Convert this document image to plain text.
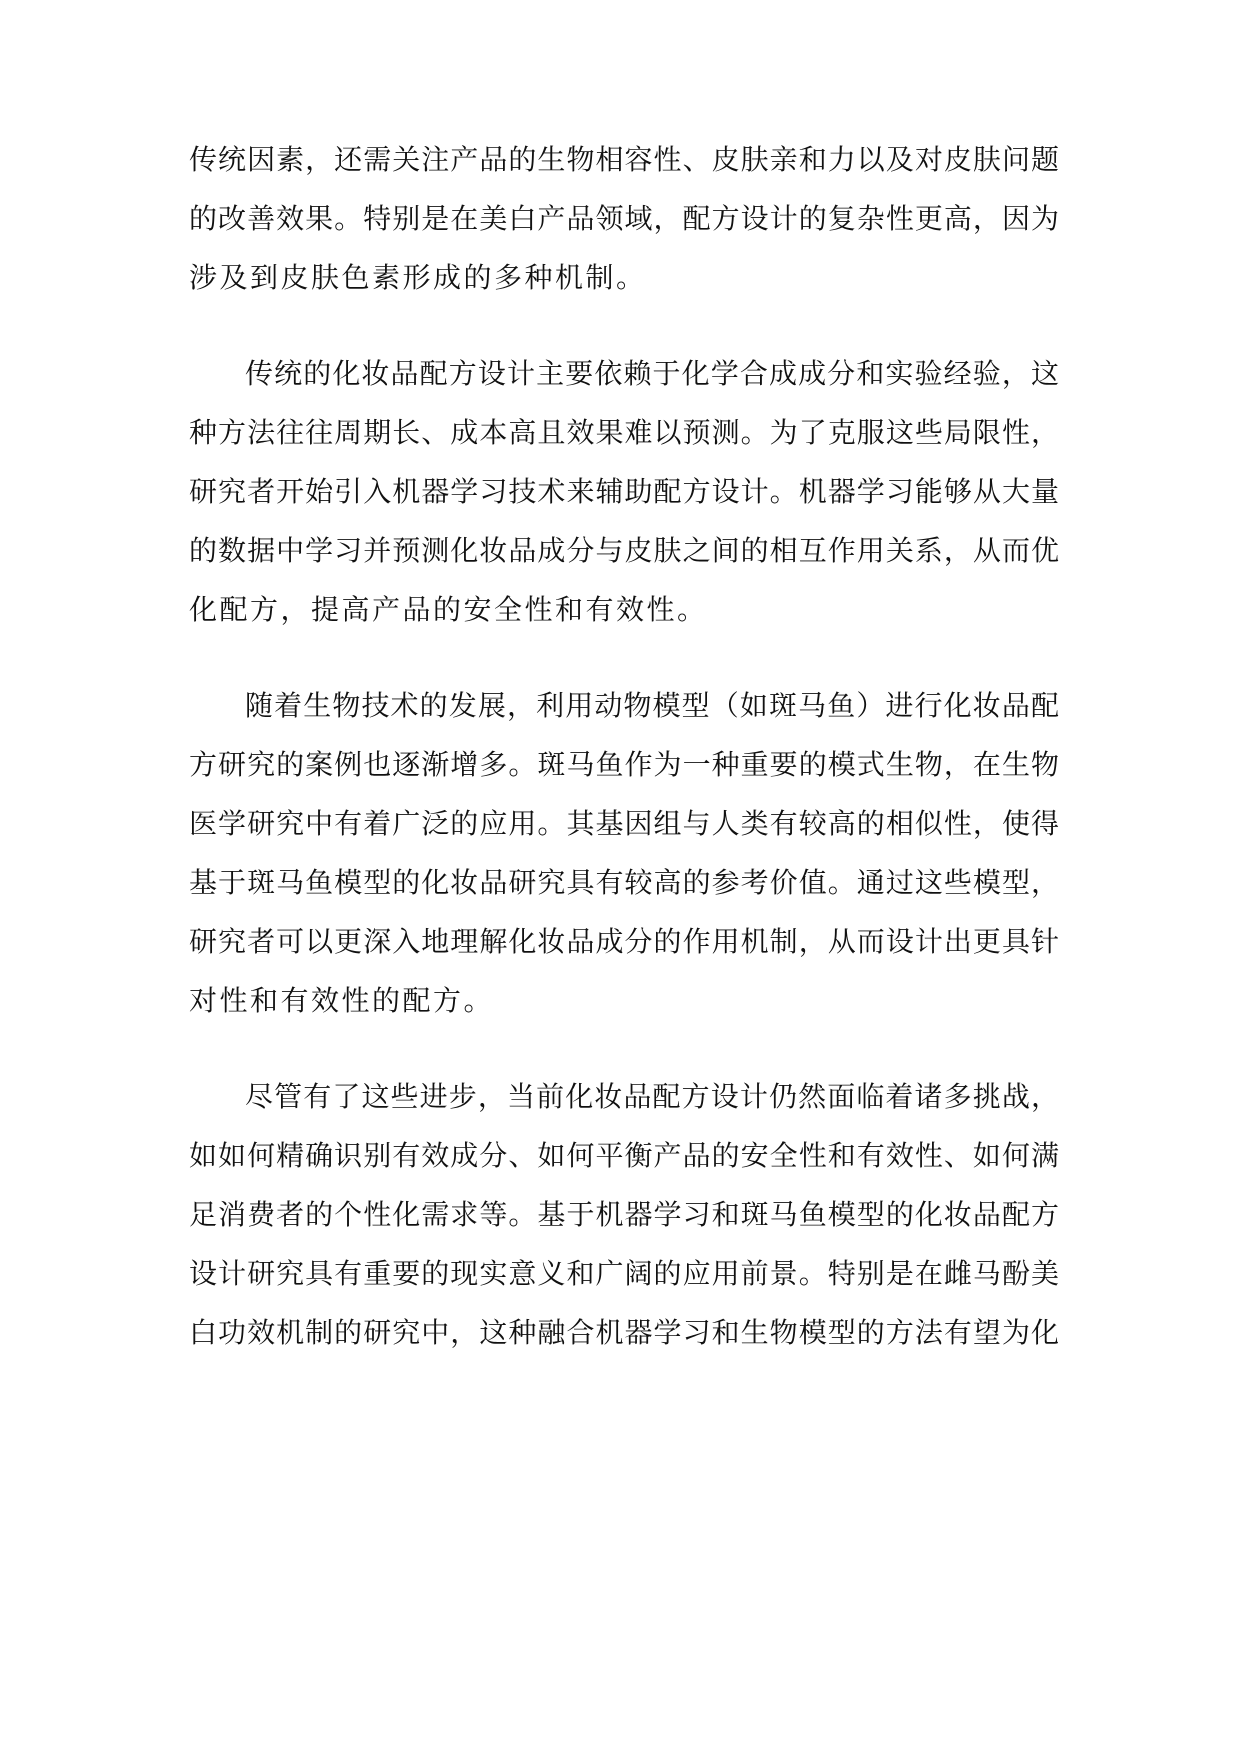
传统因素，还需关注产品的生物相容性、皮肤亲和力以及对皮肤问题
的改善效果。特别是在美白产品领域，配方设计的复杂性更高，因为
涉及到皮肤色素形成的多种机制。
传统的化妆品配方设计主要依赖于化学合成成分和实验经验，这
种方法往往周期长、成本高且效果难以预测。为了克服这些局限性，
研究者开始引入机器学习技术来辅助配方设计。机器学习能够从大量
的数据中学习并预测化妆品成分与皮肤之间的相互作用关系，从而优
化配方，提高产品的安全性和有效性。
随着生物技术的发展，利用动物模型（如斑马鱼）进行化妆品配
方研究的案例也逐渐增多。斑马鱼作为一种重要的模式生物，在生物
医学研究中有着广泛的应用。其基因组与人类有较高的相似性，使得
基于斑马鱼模型的化妆品研究具有较高的参考价值。通过这些模型，
研究者可以更深入地理解化妆品成分的作用机制，从而设计出更具针
对性和有效性的配方。
尽管有了这些进步，当前化妆品配方设计仍然面临着诸多挑战，
如如何精确识别有效成分、如何平衡产品的安全性和有效性、如何满
足消费者的个性化需求等。基于机器学习和斑马鱼模型的化妆品配方
设计研究具有重要的现实意义和广阔的应用前景。特别是在雌马酚美
白功效机制的研究中，这种融合机器学习和生物模型的方法有望为化
